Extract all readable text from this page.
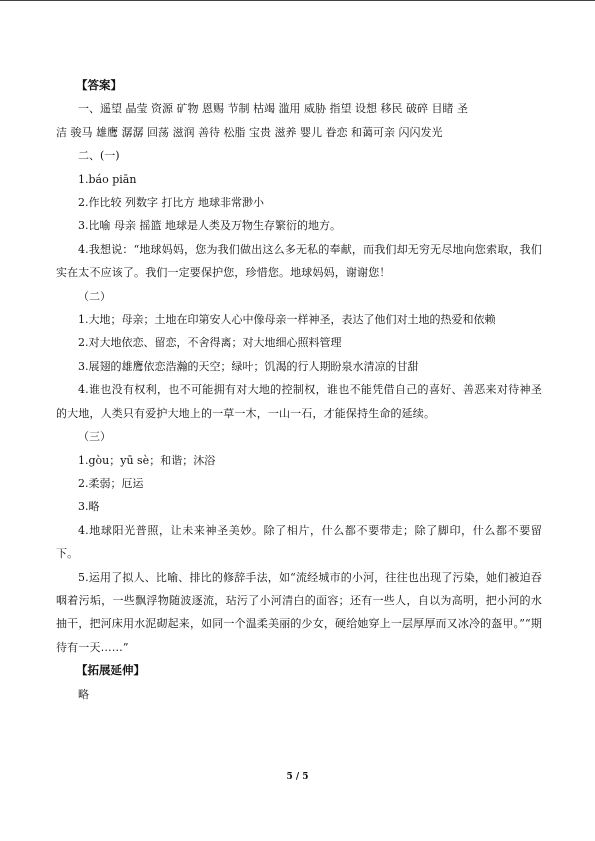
【答案】
一、遥望 晶莹 资源 矿物 恩赐 节制 枯竭 滥用 威胁 指望 设想 移民 破碎 目睹 圣
洁 骏马 雄鹰 潺潺 回荡 滋润 善待 松脂 宝贵 滋养 婴儿 眷恋 和蔼可亲 闪闪发光
二、(一)
1.báo piān
2.作比较 列数字 打比方 地球非常渺小
3.比喻 母亲 摇篮 地球是人类及万物生存繁衍的地方。
4.我想说：“地球妈妈，您为我们做出这么多无私的奉献，而我们却无穷无尽地向您索取，我们实在太不应该了。我们一定要保护您，珍惜您。地球妈妈，谢谢您！
（二）
1.大地；母亲；土地在印第安人心中像母亲一样神圣，表达了他们对土地的热爱和依赖
2.对大地依恋、留恋，不舍得离；对大地细心照料管理
3.展翅的雄鹰依恋浩瀚的天空；绿叶；饥渴的行人期盼泉水清凉的甘甜
4.谁也没有权利，也不可能拥有对大地的控制权，谁也不能凭借自己的喜好、善恶来对待神圣的大地，人类只有爱护大地上的一草一木，一山一石，才能保持生命的延续。
（三）
1.gòu；yū sè；和谐；沐浴
2.柔弱；厄运
3.略
4.地球阳光普照，让未来神圣美妙。除了相片，什么都不要带走；除了脚印，什么都不要留下。
5.运用了拟人、比喻、排比的修辞手法，如“流经城市的小河，往往也出现了污染，她们被迫吞咽着污垢，一些飘浮物随波逐流，玷污了小河清白的面容；还有一些人，自以为高明，把小河的水抽干，把河床用水泥砌起来，如同一个温柔美丽的少女，硬给她穿上一层厚厚而又冰冷的盔甲。”“期待有一天……”
【拓展延伸】
略
5 / 5
